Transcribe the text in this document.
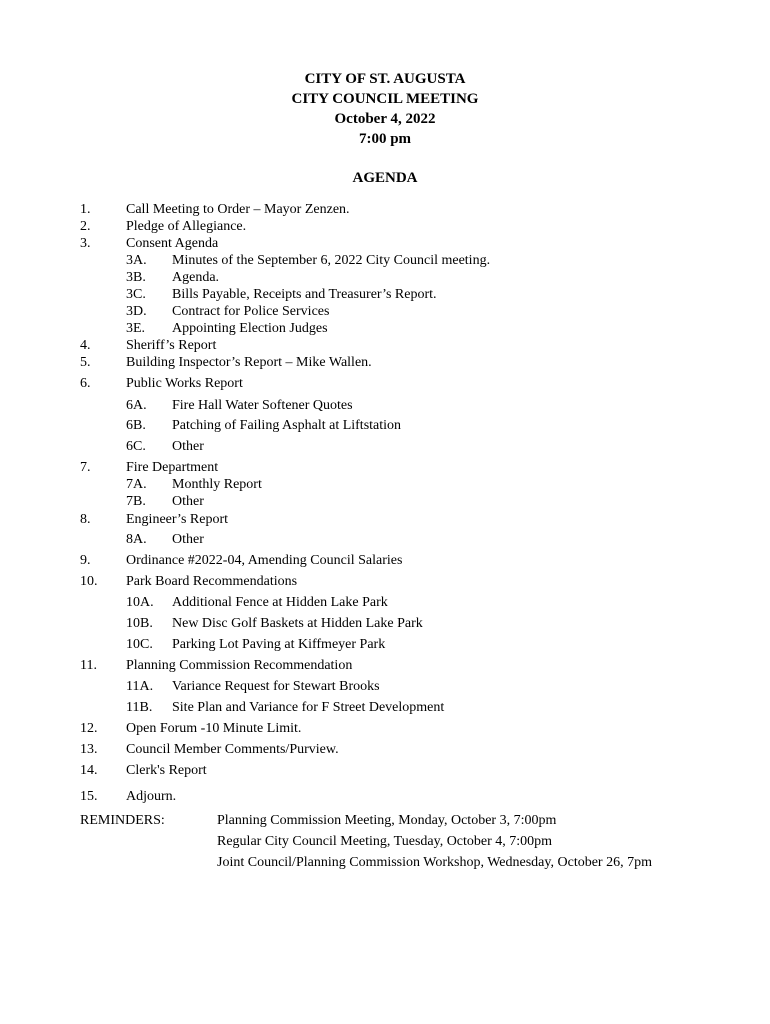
CITY OF ST. AUGUSTA
CITY COUNCIL MEETING
October 4, 2022
7:00 pm
AGENDA
1.	Call Meeting to Order – Mayor Zenzen.
2.	Pledge of Allegiance.
3.	Consent Agenda
3A. Minutes of the September 6, 2022 City Council meeting.
3B. Agenda.
3C. Bills Payable, Receipts and Treasurer’s Report.
3D. Contract for Police Services
3E. Appointing Election Judges
4.	Sheriff’s Report
5.	Building Inspector’s Report – Mike Wallen.
6.	Public Works Report
6A. Fire Hall Water Softener Quotes
6B. Patching of Failing Asphalt at Liftstation
6C. Other
7.	Fire Department
7A. Monthly Report
7B. Other
8.	Engineer’s Report
8A. Other
9.	Ordinance #2022-04, Amending Council Salaries
10. Park Board Recommendations
10A. Additional Fence at Hidden Lake Park
10B. New Disc Golf Baskets at Hidden Lake Park
10C. Parking Lot Paving at Kiffmeyer Park
11. Planning Commission Recommendation
11A. Variance Request for Stewart Brooks
11B. Site Plan and Variance for F Street Development
12. Open Forum -10 Minute Limit.
13. Council Member Comments/Purview.
14. Clerk's Report
15. Adjourn.
REMINDERS:	Planning Commission Meeting, Monday, October 3, 7:00pm
Regular City Council Meeting, Tuesday, October 4, 7:00pm
Joint Council/Planning Commission Workshop, Wednesday, October 26, 7pm
